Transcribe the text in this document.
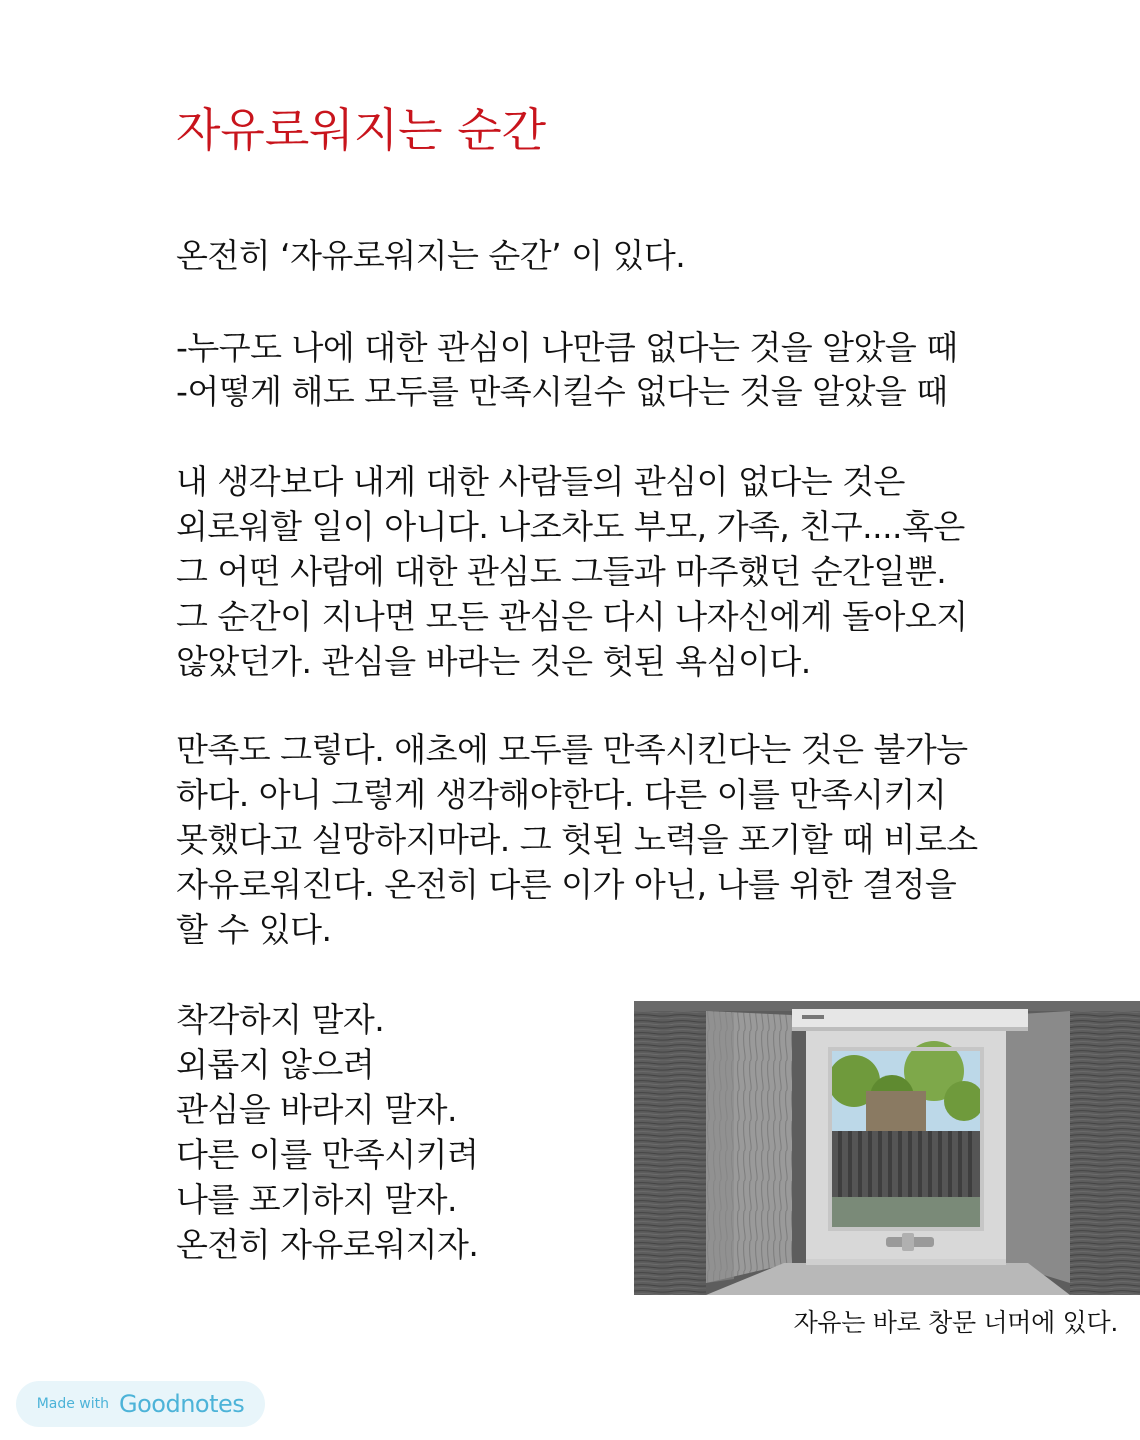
자유로워지는 순간

온전히 ‘자유로워지는 순간’ 이 있다.

-누구도 나에 대한 관심이 나만큼 없다는 것을 알았을 때

-어떻게 해도 모두를 만족시킬수 없다는 것을 알았을 때

내 생각보다 내게 대한 사람들의 관심이 없다는 것은

외로워할 일이 아니다. 나조차도 부모, 가족, 친구....혹은

그 어떤 사람에 대한 관심도 그들과 마주했던 순간일뿐.

그 순간이 지나면 모든 관심은 다시 나자신에게 돌아오지

않았던가. 관심을 바라는 것은 헛된 욕심이다.

만족도 그렇다. 애초에 모두를 만족시킨다는 것은 불가능

하다. 아니 그렇게 생각해야한다. 다른 이를 만족시키지

못했다고 실망하지마라. 그 헛된 노력을 포기할 때 비로소

자유로워진다. 온전히 다른 이가 아닌, 나를 위한 결정을

할 수 있다.

착각하지 말자.

외롭지 않으려

관심을 바라지 말자.

다른 이를 만족시키려

나를 포기하지 말자.

온전히 자유로워지자.

자유는 바로 창문 너머에 있다.
Made with Goodnotes
